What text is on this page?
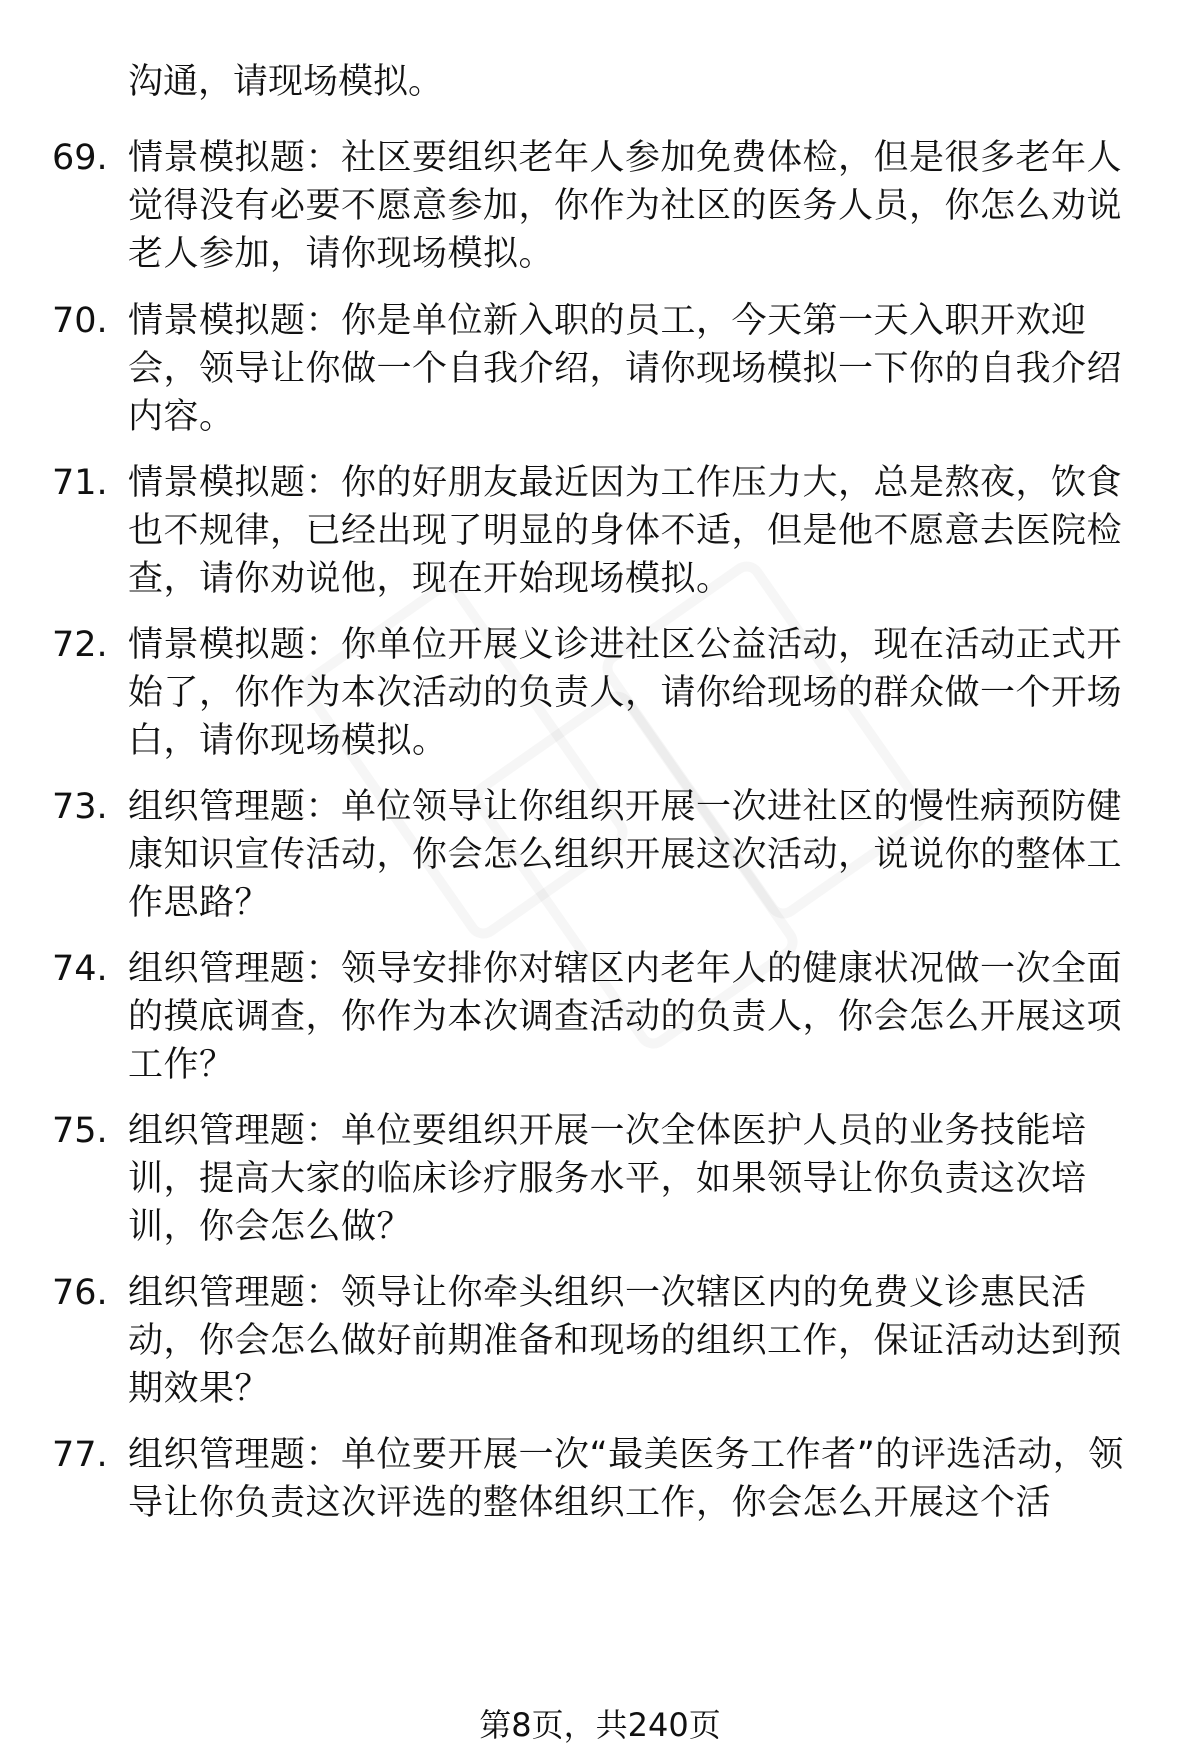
沟通，请现场模拟。

69. 情景模拟题：社区要组织老年人参加免费体检，但是很多老年人觉得没有必要不愿意参加，你作为社区的医务人员，你怎么劝说老人参加，请你现场模拟。

70. 情景模拟题：你是单位新入职的员工，今天第一天入职开欢迎会，领导让你做一个自我介绍，请你现场模拟一下你的自我介绍内容。

71. 情景模拟题：你的好朋友最近因为工作压力大，总是熬夜，饮食也不规律，已经出现了明显的身体不适，但是他不愿意去医院检查，请你劝说他，现在开始现场模拟。

72. 情景模拟题：你单位开展义诊进社区公益活动，现在活动正式开始了，你作为本次活动的负责人，请你给现场的群众做一个开场白，请你现场模拟。

73. 组织管理题：单位领导让你组织开展一次进社区的慢性病预防健康知识宣传活动，你会怎么组织开展这次活动，说说你的整体工作思路？

74. 组织管理题：领导安排你对辖区内老年人的健康状况做一次全面的摸底调查，你作为本次调查活动的负责人，你会怎么开展这项工作？

75. 组织管理题：单位要组织开展一次全体医护人员的业务技能培训，提高大家的临床诊疗服务水平，如果领导让你负责这次培训，你会怎么做？

76. 组织管理题：领导让你牵头组织一次辖区内的免费义诊惠民活动，你会怎么做好前期准备和现场的组织工作，保证活动达到预期效果？

77. 组织管理题：单位要开展一次“最美医务工作者”的评选活动，领导让你负责这次评选的整体组织工作，你会怎么开展这个活

第8页，共240页
